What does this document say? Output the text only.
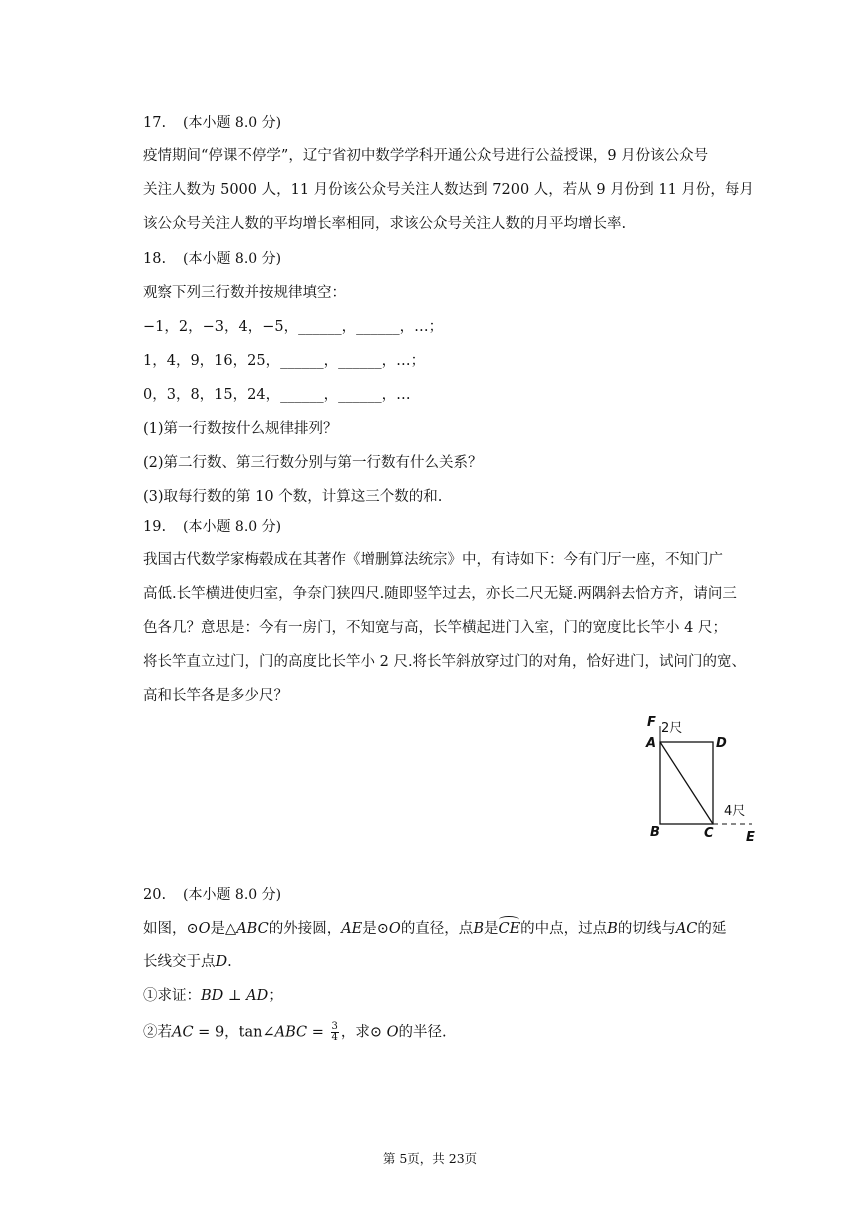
17. (本小题 8.0 分)
疫情期间“停课不停学”，辽宁省初中数学学科开通公众号进行公益授课，9 月份该公众号
关注人数为 5000 人，11 月份该公众号关注人数达到 7200 人，若从 9 月份到 11 月份，每月
该公众号关注人数的平均增长率相同，求该公众号关注人数的月平均增长率.
18. (本小题 8.0 分)
观察下列三行数并按规律填空：
−1，2，−3，4，−5，______，______，…；
1，4，9，16，25，______，______，…；
0，3，8，15，24，______，______，…
(1)第一行数按什么规律排列？
(2)第二行数、第三行数分别与第一行数有什么关系？
(3)取每行数的第 10 个数，计算这三个数的和.
19. (本小题 8.0 分)
我国古代数学家梅毂成在其著作《增删算法统宗》中，有诗如下：今有门厅一座，不知门广
高低.长竿横进使归室，争奈门狭四尺.随即竖竿过去，亦长二尺无疑.两隅斜去恰方齐，请问三
色各几？意思是：今有一房门，不知宽与高，长竿横起进门入室，门的宽度比长竿小 4 尺；
将长竿直立过门，门的高度比长竿小 2 尺.将长竿斜放穿过门的对角，恰好进门，试问门的宽、
高和长竿各是多少尺？
F 2尺
A	D
4尺
B	C E
20. (本小题 8.0 分)
如图，⊙O是△ABC的外接圆，AE是⊙O的直径，点B是CE的中点，过点B的切线与AC的延
长线交于点D.
①求证：BD ⊥ AD；
②若AC = 9，tan∠ABC = $\frac{3}{4}$ ，求⊙ O的半径.
第 5页，共 23页
